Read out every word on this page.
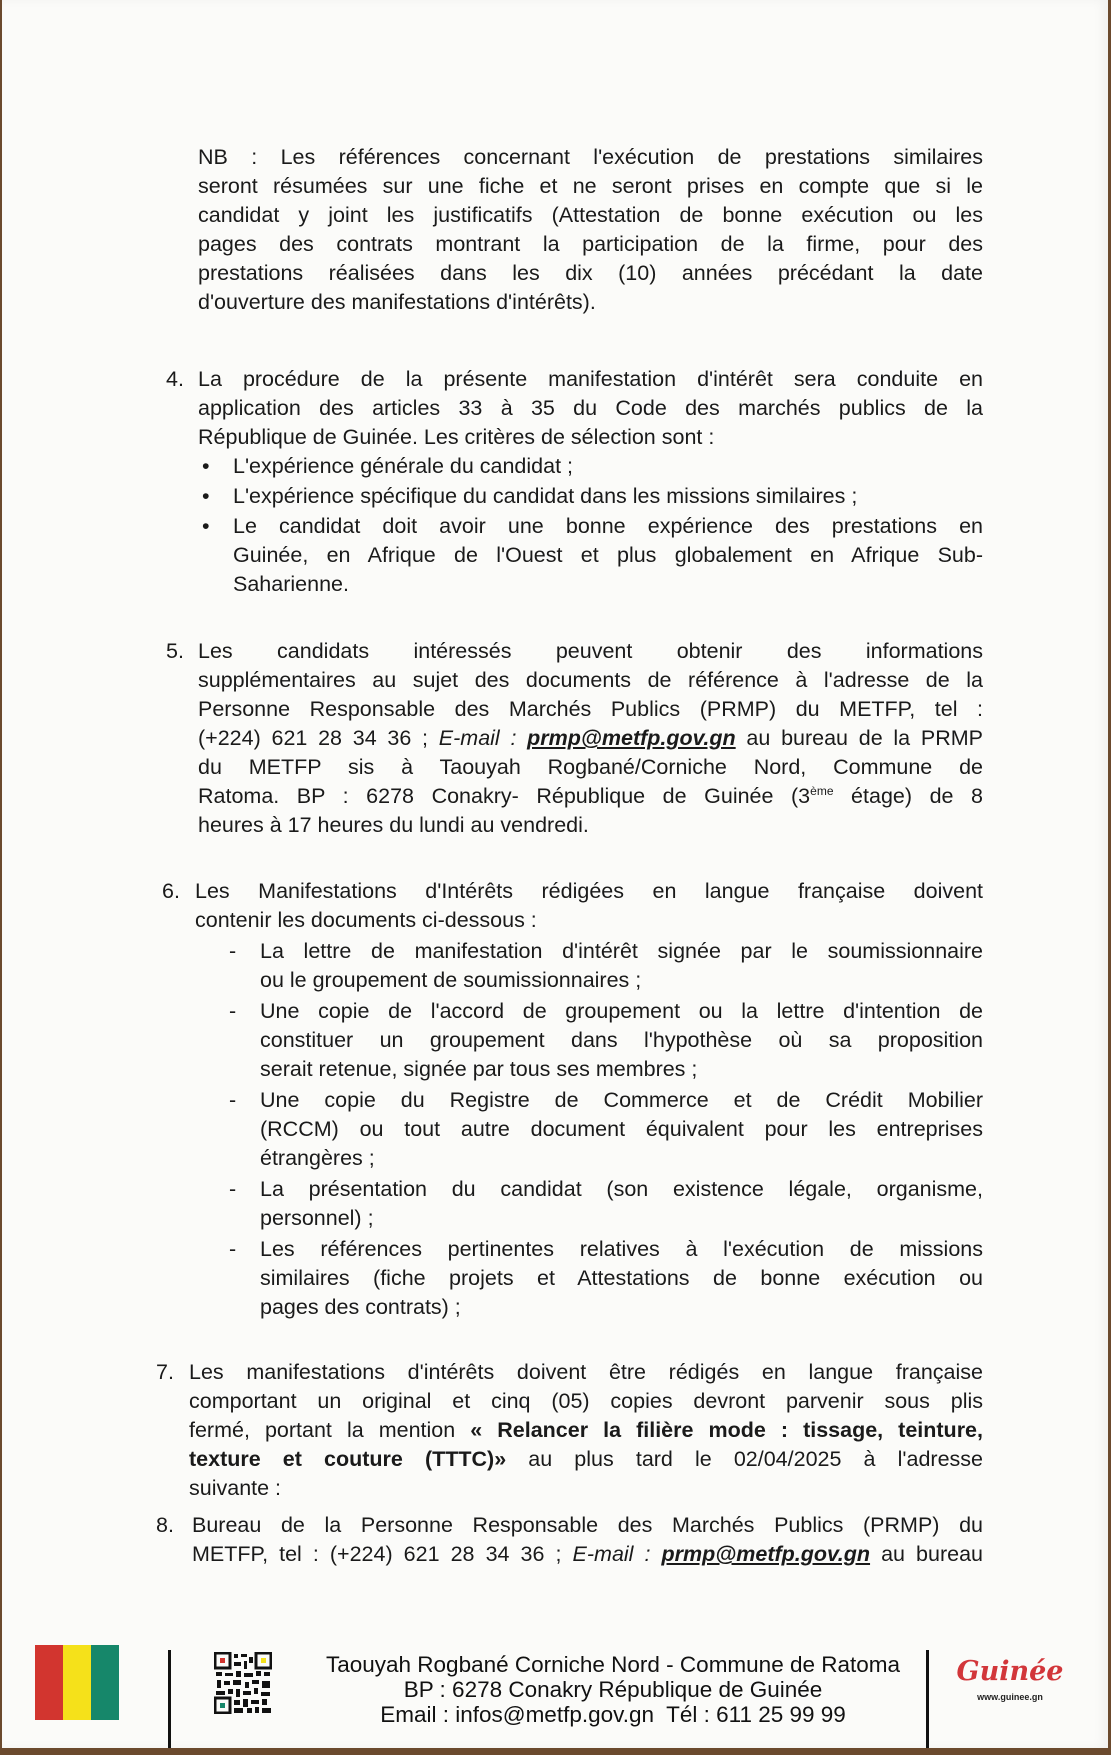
NB : Les références concernant l'exécution de prestations similaires
seront résumées sur une fiche et ne seront prises en compte que si le
candidat y joint les justificatifs (Attestation de bonne exécution ou les
pages des contrats montrant la participation de la firme, pour des
prestations réalisées dans les dix (10) années précédant la date
d'ouverture des manifestations d'intérêts).
4. La procédure de la présente manifestation d'intérêt sera conduite en
application des articles 33 à 35 du Code des marchés publics de la
République de Guinée. Les critères de sélection sont :
• L'expérience générale du candidat ;
• L'expérience spécifique du candidat dans les missions similaires ;
• Le candidat doit avoir une bonne expérience des prestations en
Guinée, en Afrique de l'Ouest et plus globalement en Afrique Sub-
Saharienne.
5. Les candidats intéressés peuvent obtenir des informations
supplémentaires au sujet des documents de référence à l'adresse de la
Personne Responsable des Marchés Publics (PRMP) du METFP, tel :
(+224) 621 28 34 36 ; E-mail : prmp@metfp.gov.gn au bureau de la PRMP
du METFP sis à Taouyah Rogbané/Corniche Nord, Commune de
Ratoma. BP : 6278 Conakry- République de Guinée (3ème étage) de 8
heures à 17 heures du lundi au vendredi.
6. Les Manifestations d'Intérêts rédigées en langue française doivent
contenir les documents ci-dessous :
- La lettre de manifestation d'intérêt signée par le soumissionnaire
ou le groupement de soumissionnaires ;
- Une copie de l'accord de groupement ou la lettre d'intention de
constituer un groupement dans l'hypothèse où sa proposition
serait retenue, signée par tous ses membres ;
- Une copie du Registre de Commerce et de Crédit Mobilier
(RCCM) ou tout autre document équivalent pour les entreprises
étrangères ;
- La présentation du candidat (son existence légale, organisme,
personnel) ;
- Les références pertinentes relatives à l'exécution de missions
similaires (fiche projets et Attestations de bonne exécution ou
pages des contrats) ;
7. Les manifestations d'intérêts doivent être rédigés en langue française
comportant un original et cinq (05) copies devront parvenir sous plis
fermé, portant la mention « Relancer la filière mode : tissage, teinture,
texture et couture (TTTC)» au plus tard le 02/04/2025 à l'adresse
suivante :
8. Bureau de la Personne Responsable des Marchés Publics (PRMP) du
METFP, tel : (+224) 621 28 34 36 ; E-mail : prmp@metfp.gov.gn au bureau
Taouyah Rogbané Corniche Nord - Commune de Ratoma
BP : 6278 Conakry République de Guinée
Email : infos@metfp.gov.gn  Tél : 611 25 99 99
Guinée
www.guinee.gn
